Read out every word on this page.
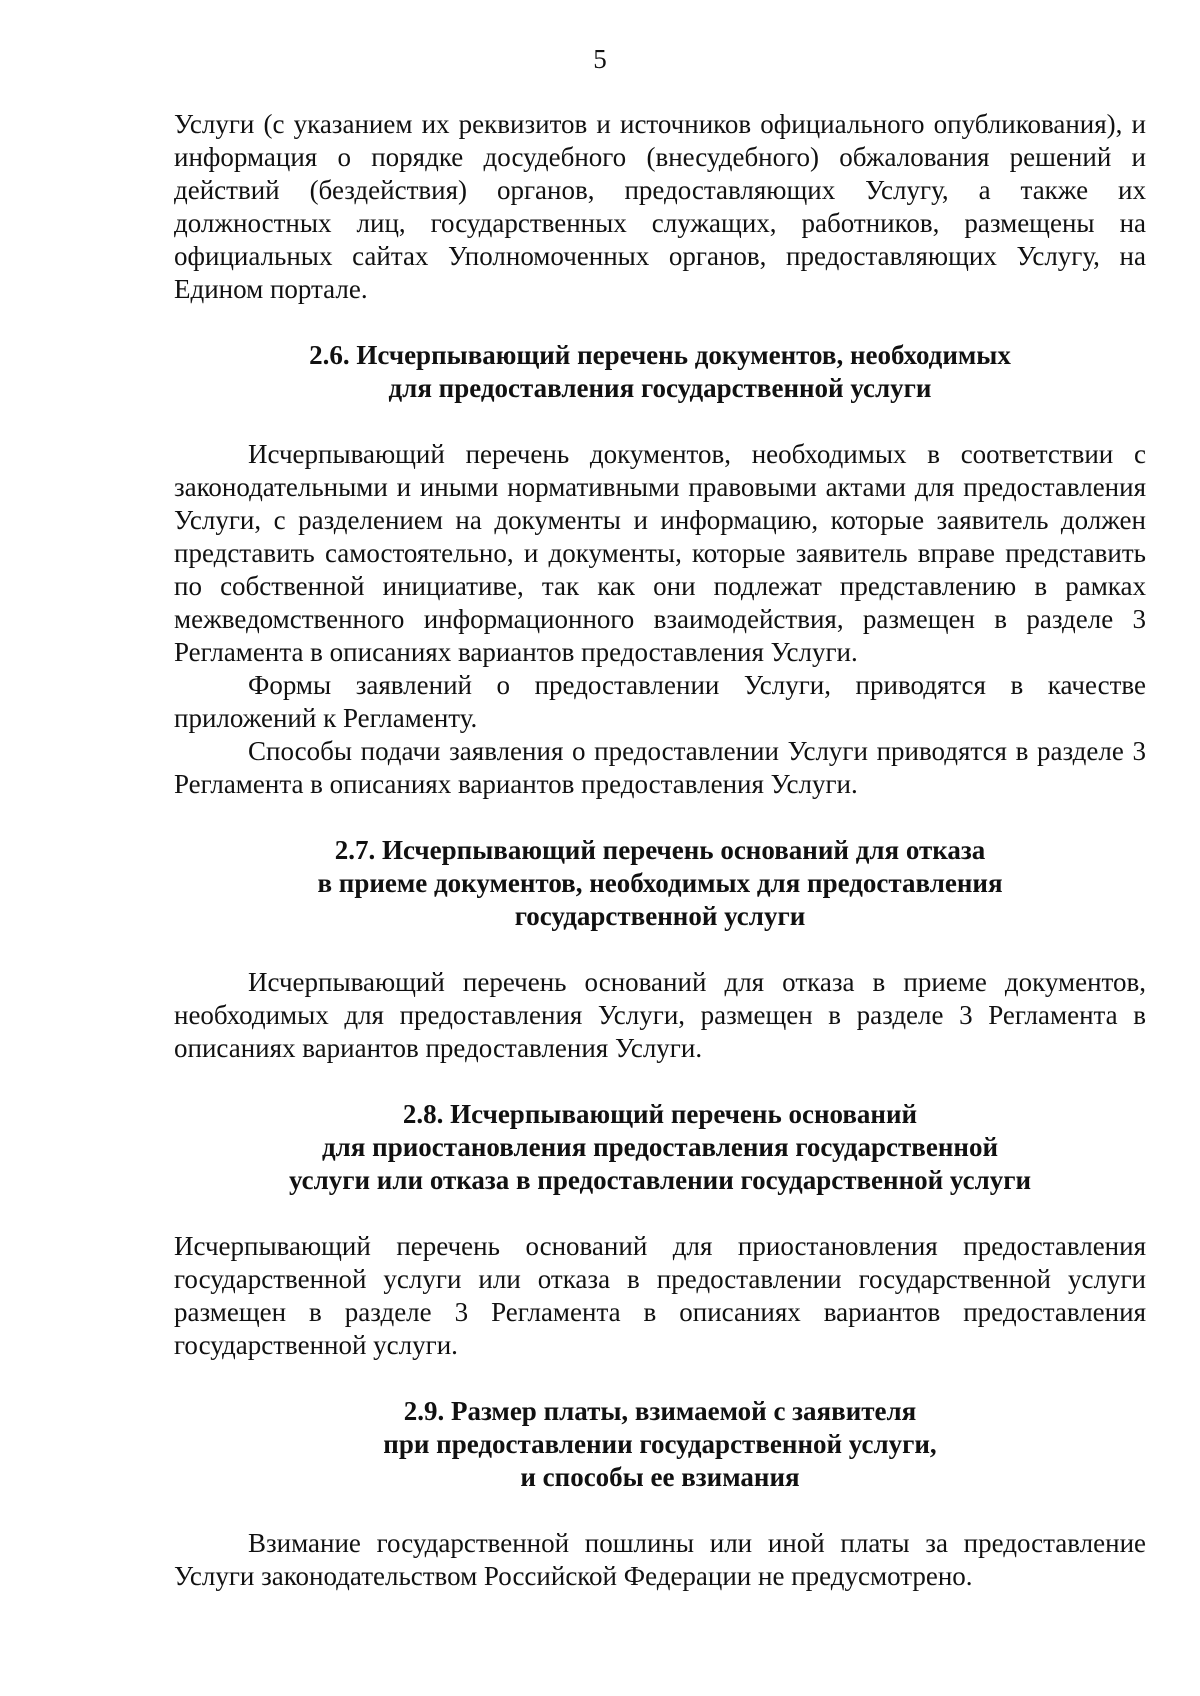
5

Услуги (с указанием их реквизитов и источников официального опубликования), и информация о порядке досудебного (внесудебного) обжалования решений и действий (бездействия) органов, предоставляющих Услугу, а также их должностных лиц, государственных служащих, работников, размещены на официальных сайтах Уполномоченных органов, предоставляющих Услугу, на Едином портале.

2.6. Исчерпывающий перечень документов, необходимых
для предоставления государственной услуги

Исчерпывающий перечень документов, необходимых в соответствии с законодательными и иными нормативными правовыми актами для предоставления Услуги, с разделением на документы и информацию, которые заявитель должен представить самостоятельно, и документы, которые заявитель вправе представить по собственной инициативе, так как они подлежат представлению в рамках межведомственного информационного взаимодействия, размещен в разделе 3 Регламента в описаниях вариантов предоставления Услуги.

Формы заявлений о предоставлении Услуги, приводятся в качестве приложений к Регламенту.

Способы подачи заявления о предоставлении Услуги приводятся в разделе 3 Регламента в описаниях вариантов предоставления Услуги.

2.7. Исчерпывающий перечень оснований для отказа
в приеме документов, необходимых для предоставления
государственной услуги

Исчерпывающий перечень оснований для отказа в приеме документов, необходимых для предоставления Услуги, размещен в разделе 3 Регламента в описаниях вариантов предоставления Услуги.

2.8. Исчерпывающий перечень оснований
для приостановления предоставления государственной
услуги или отказа в предоставлении государственной услуги

Исчерпывающий перечень оснований для приостановления предоставления государственной услуги или отказа в предоставлении государственной услуги размещен в разделе 3 Регламента в описаниях вариантов предоставления государственной услуги.

2.9. Размер платы, взимаемой с заявителя
при предоставлении государственной услуги,
и способы ее взимания

Взимание государственной пошлины или иной платы за предоставление Услуги законодательством Российской Федерации не предусмотрено.
